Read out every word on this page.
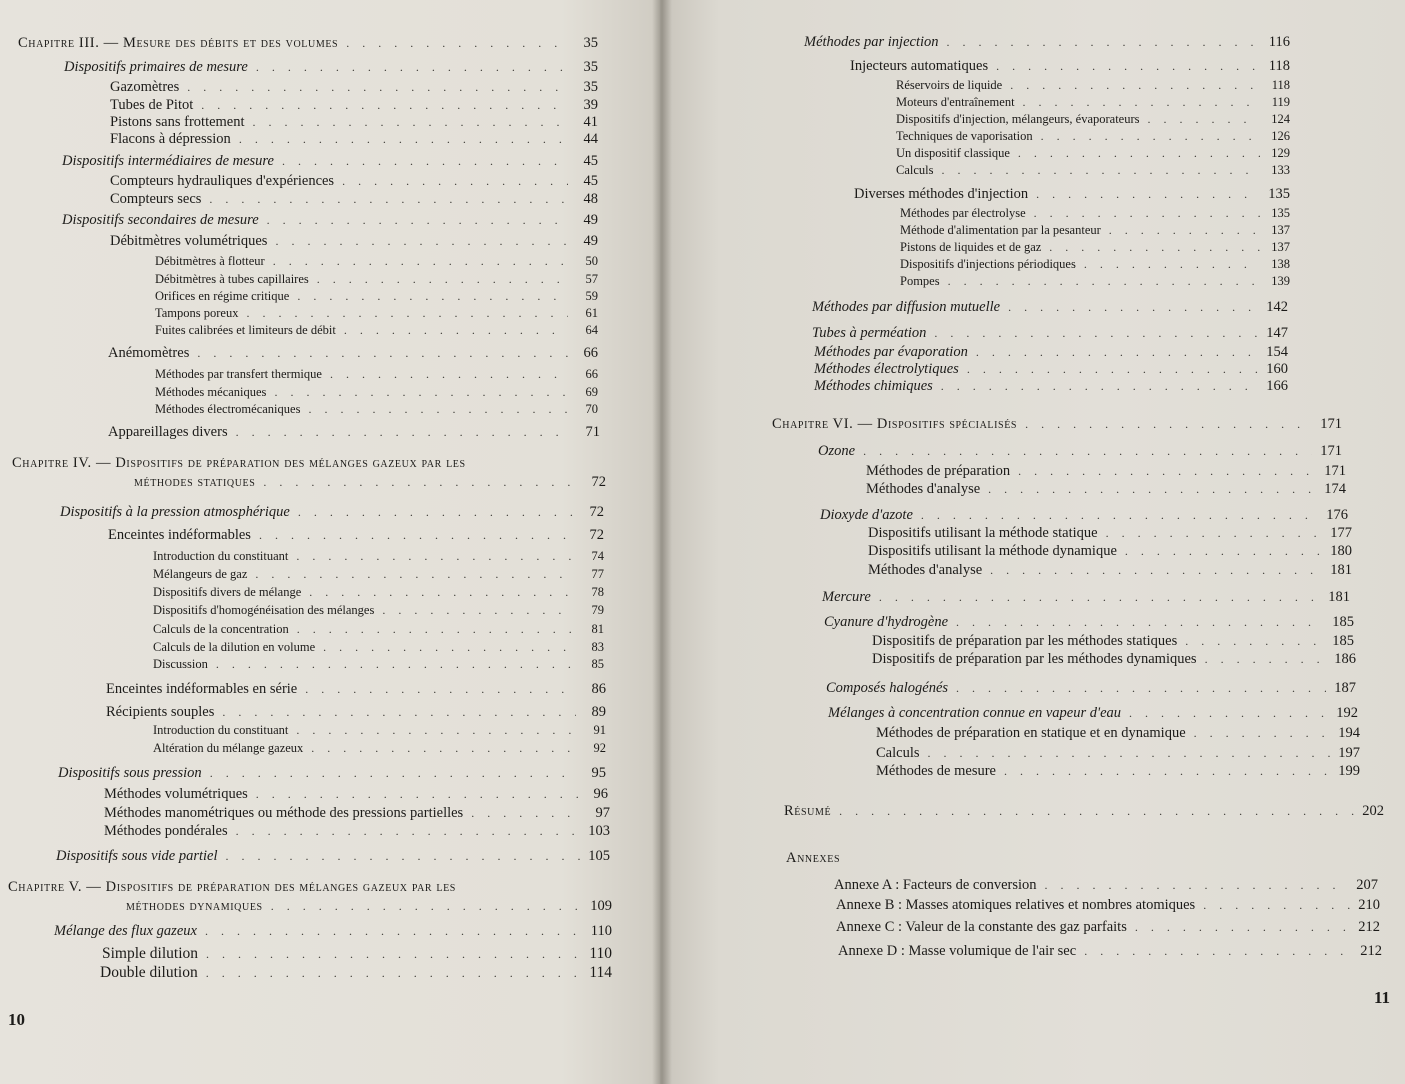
Chapitre III. — Mesure des débits et des volumes . . .	35
Dispositifs primaires de mesure . . .	35
Gazomètres . . .	35
Tubes de Pitot . . .	39
Pistons sans frottement . . .	41
Flacons à dépression . . .	44
Dispositifs intermédiaires de mesure . . .	45
Compteurs hydrauliques d'expériences . . .	45
Compteurs secs . . .	48
Dispositifs secondaires de mesure . . .	49
Débitmètres volumétriques . . .	49
Débitmètres à flotteur . . .	50
Débitmètres à tubes capillaires . . .	57
Orifices en régime critique . . .	59
Tampons poreux . . .	61
Fuites calibrées et limiteurs de débit . . .	64
Anémomètres . . .	66
Méthodes par transfert thermique . . .	66
Méthodes mécaniques . . .	69
Méthodes électromécaniques . . .	70
Appareillages divers . . .	71
Chapitre IV. — Dispositifs de préparation des mélanges gazeux par les
méthodes statiques . . .	72
Dispositifs à la pression atmosphérique . . .	72
Enceintes indéformables . . .	72
Introduction du constituant . . .	74
Mélangeurs de gaz . . .	77
Dispositifs divers de mélange . . .	78
Dispositifs d'homogénéisation des mélanges . . .	79
Calculs de la concentration . . .	81
Calculs de la dilution en volume . . .	83
Discussion . . .	85
Enceintes indéformables en série . . .	86
Récipients souples . . .	89
Introduction du constituant . . .	91
Altération du mélange gazeux . . .	92
Dispositifs sous pression . . .	95
Méthodes volumétriques . . .	96
Méthodes manométriques ou méthode des pressions partielles . . .	97
Méthodes pondérales . . .	103
Dispositifs sous vide partiel . . .	105
Chapitre V. — Dispositifs de préparation des mélanges gazeux par les
méthodes dynamiques . . .	109
Mélange des flux gazeux . . .	110
Simple dilution . . .	110
Double dilution . . .	114
10
Méthodes par injection . . .	116
Injecteurs automatiques . . .	118
Réservoirs de liquide . . .	118
Moteurs d'entraînement . . .	119
Dispositifs d'injection, mélangeurs, évaporateurs . . .	124
Techniques de vaporisation . . .	126
Un dispositif classique . . .	129
Calculs . . .	133
Diverses méthodes d'injection . . .	135
Méthodes par électrolyse . . .	135
Méthode d'alimentation par la pesanteur . . .	137
Pistons de liquides et de gaz . . .	137
Dispositifs d'injections périodiques . . .	138
Pompes . . .	139
Méthodes par diffusion mutuelle . . .	142
Tubes à perméation . . .	147
Méthodes par évaporation . . .	154
Méthodes électrolytiques . . .	160
Méthodes chimiques . . .	166
Chapitre VI. — Dispositifs spécialisés . . .	171
Ozone . . .	171
Méthodes de préparation . . .	171
Méthodes d'analyse . . .	174
Dioxyde d'azote . . .	176
Dispositifs utilisant la méthode statique . . .	177
Dispositifs utilisant la méthode dynamique . . .	180
Méthodes d'analyse . . .	181
Mercure . . .	181
Cyanure d'hydrogène . . .	185
Dispositifs de préparation par les méthodes statiques . . .	185
Dispositifs de préparation par les méthodes dynamiques . . .	186
Composés halogénés . . .	187
Mélanges à concentration connue en vapeur d'eau . . .	192
Méthodes de préparation en statique et en dynamique . . .	194
Calculs . . .	197
Méthodes de mesure . . .	199
Résumé . . .	202
Annexes
Annexe A : Facteurs de conversion . . .	207
Annexe B : Masses atomiques relatives et nombres atomiques . . .	210
Annexe C : Valeur de la constante des gaz parfaits . . .	212
Annexe D : Masse volumique de l'air sec . . .	212
11
